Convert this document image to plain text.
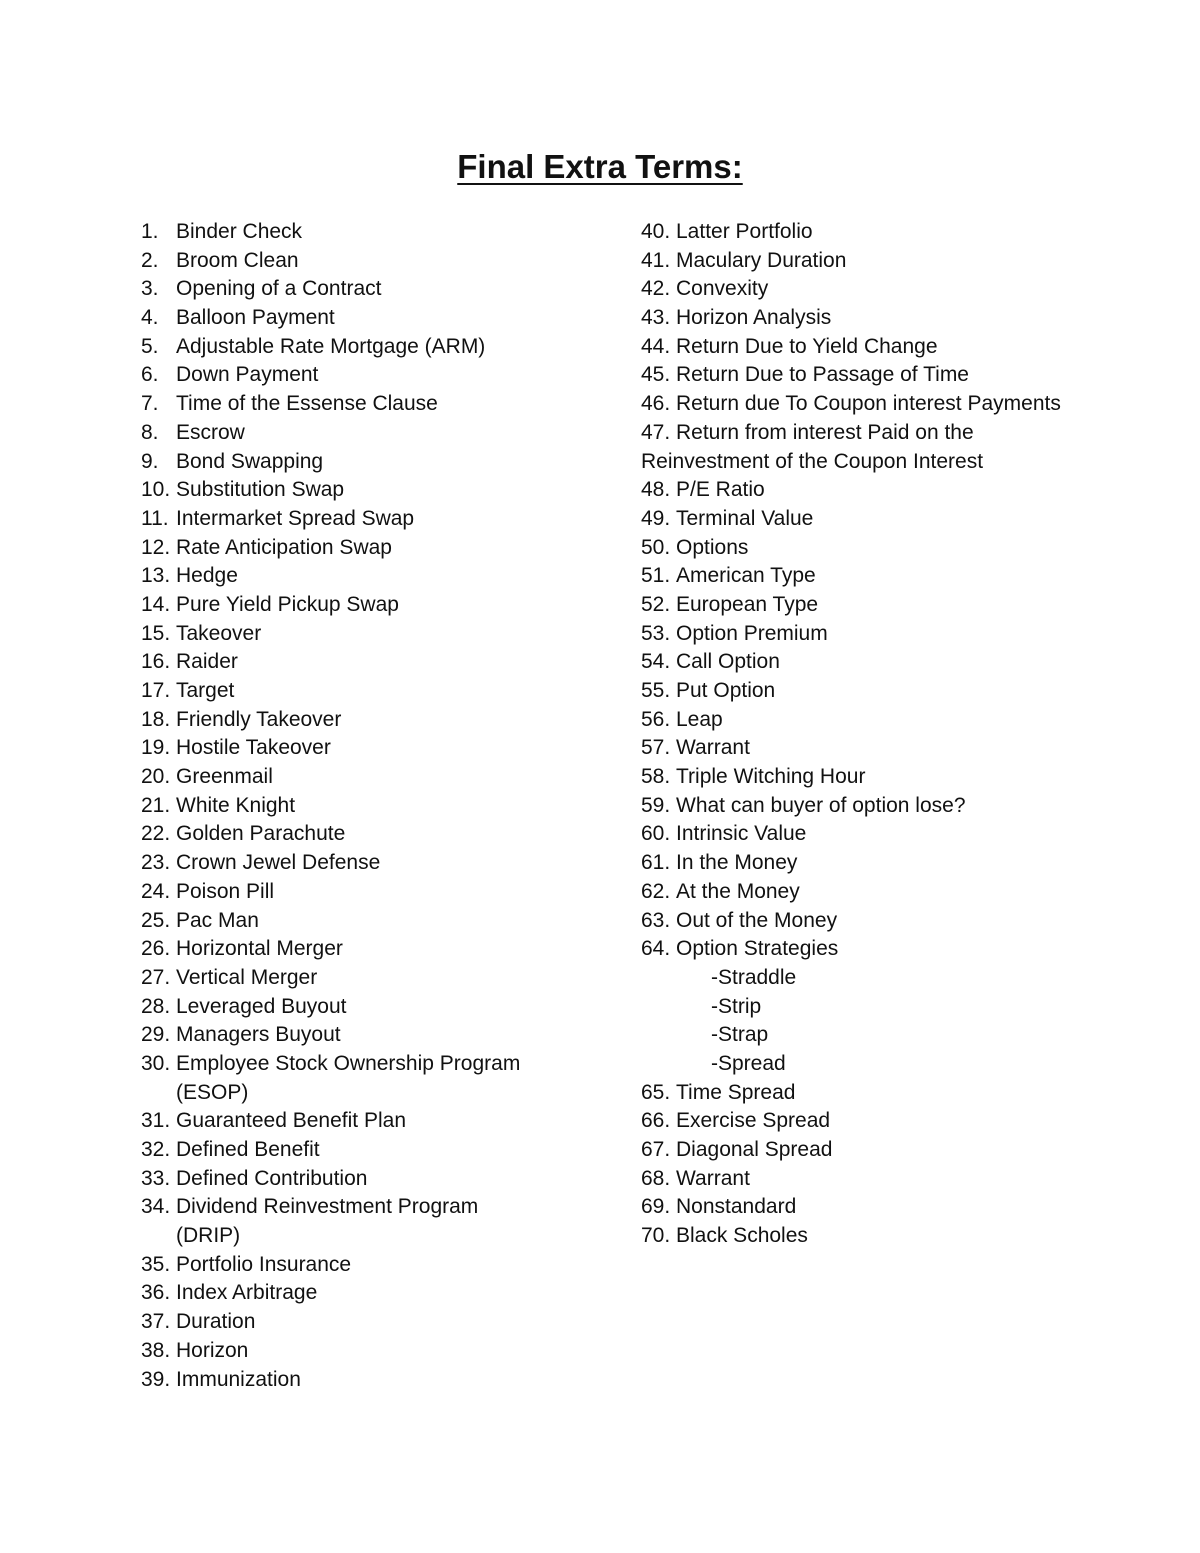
Final Extra Terms:
1. Binder Check
2. Broom Clean
3. Opening of a Contract
4. Balloon Payment
5. Adjustable Rate Mortgage (ARM)
6. Down Payment
7. Time of the Essense Clause
8. Escrow
9. Bond Swapping
10. Substitution Swap
11. Intermarket Spread Swap
12. Rate Anticipation Swap
13. Hedge
14. Pure Yield Pickup Swap
15. Takeover
16. Raider
17. Target
18. Friendly Takeover
19. Hostile Takeover
20. Greenmail
21. White Knight
22. Golden Parachute
23. Crown Jewel Defense
24. Poison Pill
25. Pac Man
26. Horizontal Merger
27. Vertical Merger
28. Leveraged Buyout
29. Managers Buyout
30. Employee Stock Ownership Program
(ESOP)
31. Guaranteed Benefit Plan
32. Defined Benefit
33. Defined Contribution
34. Dividend Reinvestment Program
(DRIP)
35. Portfolio Insurance
36. Index Arbitrage
37. Duration
38. Horizon
39. Immunization
40. Latter Portfolio
41. Maculary Duration
42. Convexity
43. Horizon Analysis
44. Return Due to Yield Change
45. Return Due to Passage of Time
46. Return due To Coupon interest Payments
47. Return from interest Paid on the
Reinvestment of the Coupon Interest
48. P/E Ratio
49. Terminal Value
50. Options
51. American Type
52. European Type
53. Option Premium
54. Call Option
55. Put Option
56. Leap
57. Warrant
58. Triple Witching Hour
59. What can buyer of option lose?
60. Intrinsic Value
61. In the Money
62. At the Money
63. Out of the Money
64. Option Strategies
-Straddle
-Strip
-Strap
-Spread
65. Time Spread
66. Exercise Spread
67. Diagonal Spread
68. Warrant
69. Nonstandard
70. Black Scholes
